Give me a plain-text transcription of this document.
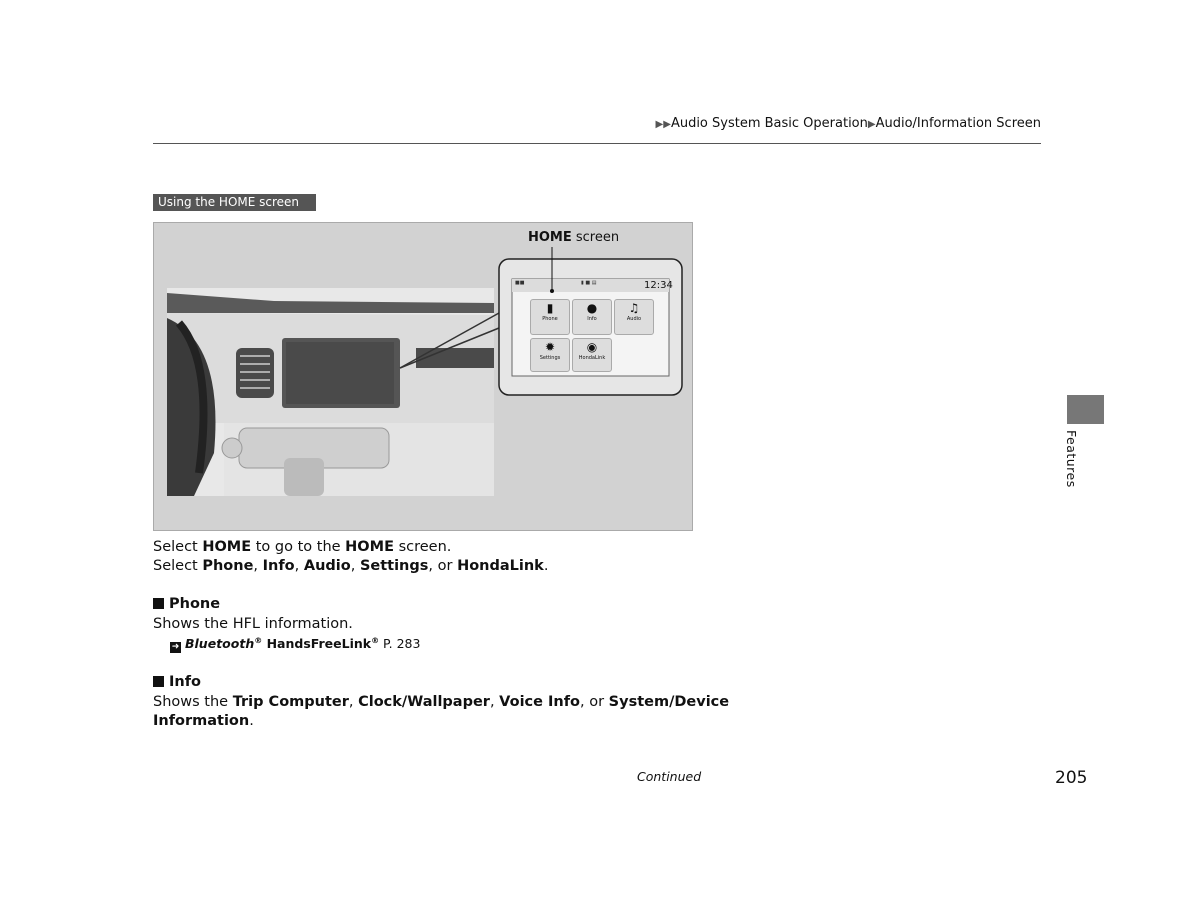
▶▶Audio System Basic Operation▶Audio/Information Screen
Using the HOME screen
■■	▮ ■ ▤	12:34
▮
Phone
●
Info
♫
Audio
✹
Settings
◉
HondaLink
HOME screen
Select HOME to go to the HOME screen.
Select Phone, Info, Audio, Settings, or HondaLink.
Phone
Shows the HFL information.
➜ Bluetooth® HandsFreeLink® P. 283
Info
Shows the Trip Computer, Clock/Wallpaper, Voice Info, or System/Device
Information.
Features
Continued	205
